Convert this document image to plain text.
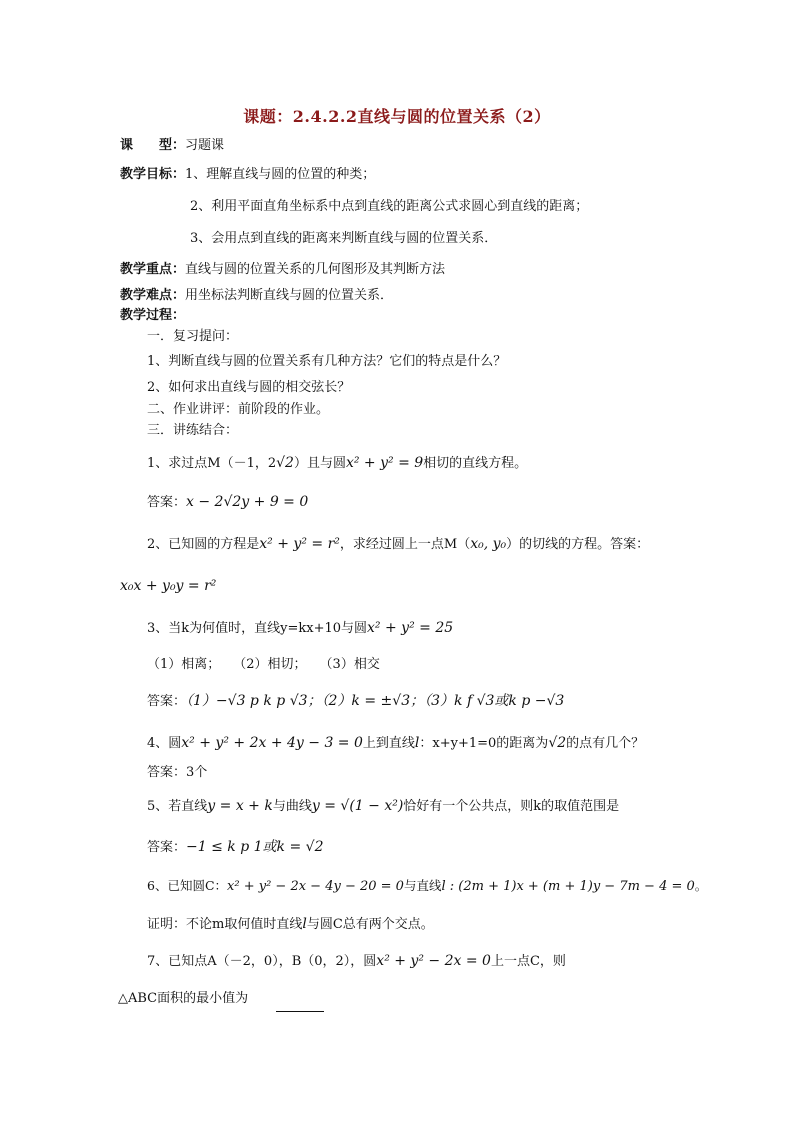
课题：2.4.2.2直线与圆的位置关系（2）
课　　型：习题课
教学目标：1、理解直线与圆的位置的种类；
2、利用平面直角坐标系中点到直线的距离公式求圆心到直线的距离；
3、会用点到直线的距离来判断直线与圆的位置关系．
教学重点：直线与圆的位置关系的几何图形及其判断方法
教学难点：用坐标法判断直线与圆的位置关系．
教学过程：
一．复习提问：
1、判断直线与圆的位置关系有几种方法？它们的特点是什么？
2、如何求出直线与圆的相交弦长？
二、作业讲评：前阶段的作业。
三．讲练结合：
1、求过点M（－1，2√2）且与圆x² + y² = 9相切的直线方程。
答案：x − 2√2y + 9 = 0
2、已知圆的方程是x² + y² = r²，求经过圆上一点M（x₀, y₀）的切线的方程。答案：
x₀x + y₀y = r²
3、当k为何值时，直线y=kx+10与圆x² + y² = 25
（1）相离；　　（2）相切；　　（3）相交
答案：（1）−√3 p k p √3；（2）k = ±√3；（3）k f √3或k p −√3
4、圆x² + y² + 2x + 4y − 3 = 0上到直线l：x+y+1=0的距离为√2的点有几个？
答案：3个
5、若直线y = x + k与曲线y = √(1 − x²)恰好有一个公共点，则k的取值范围是
答案：−1 ≤ k p 1或k = √2
6、已知圆C：x² + y² − 2x − 4y − 20 = 0与直线l : (2m + 1)x + (m + 1)y − 7m − 4 = 0。
证明：不论m取何值时直线l与圆C总有两个交点。
7、已知点A（－2，0），B（0，2），圆x² + y² − 2x = 0上一点C，则
△ABC面积的最小值为
